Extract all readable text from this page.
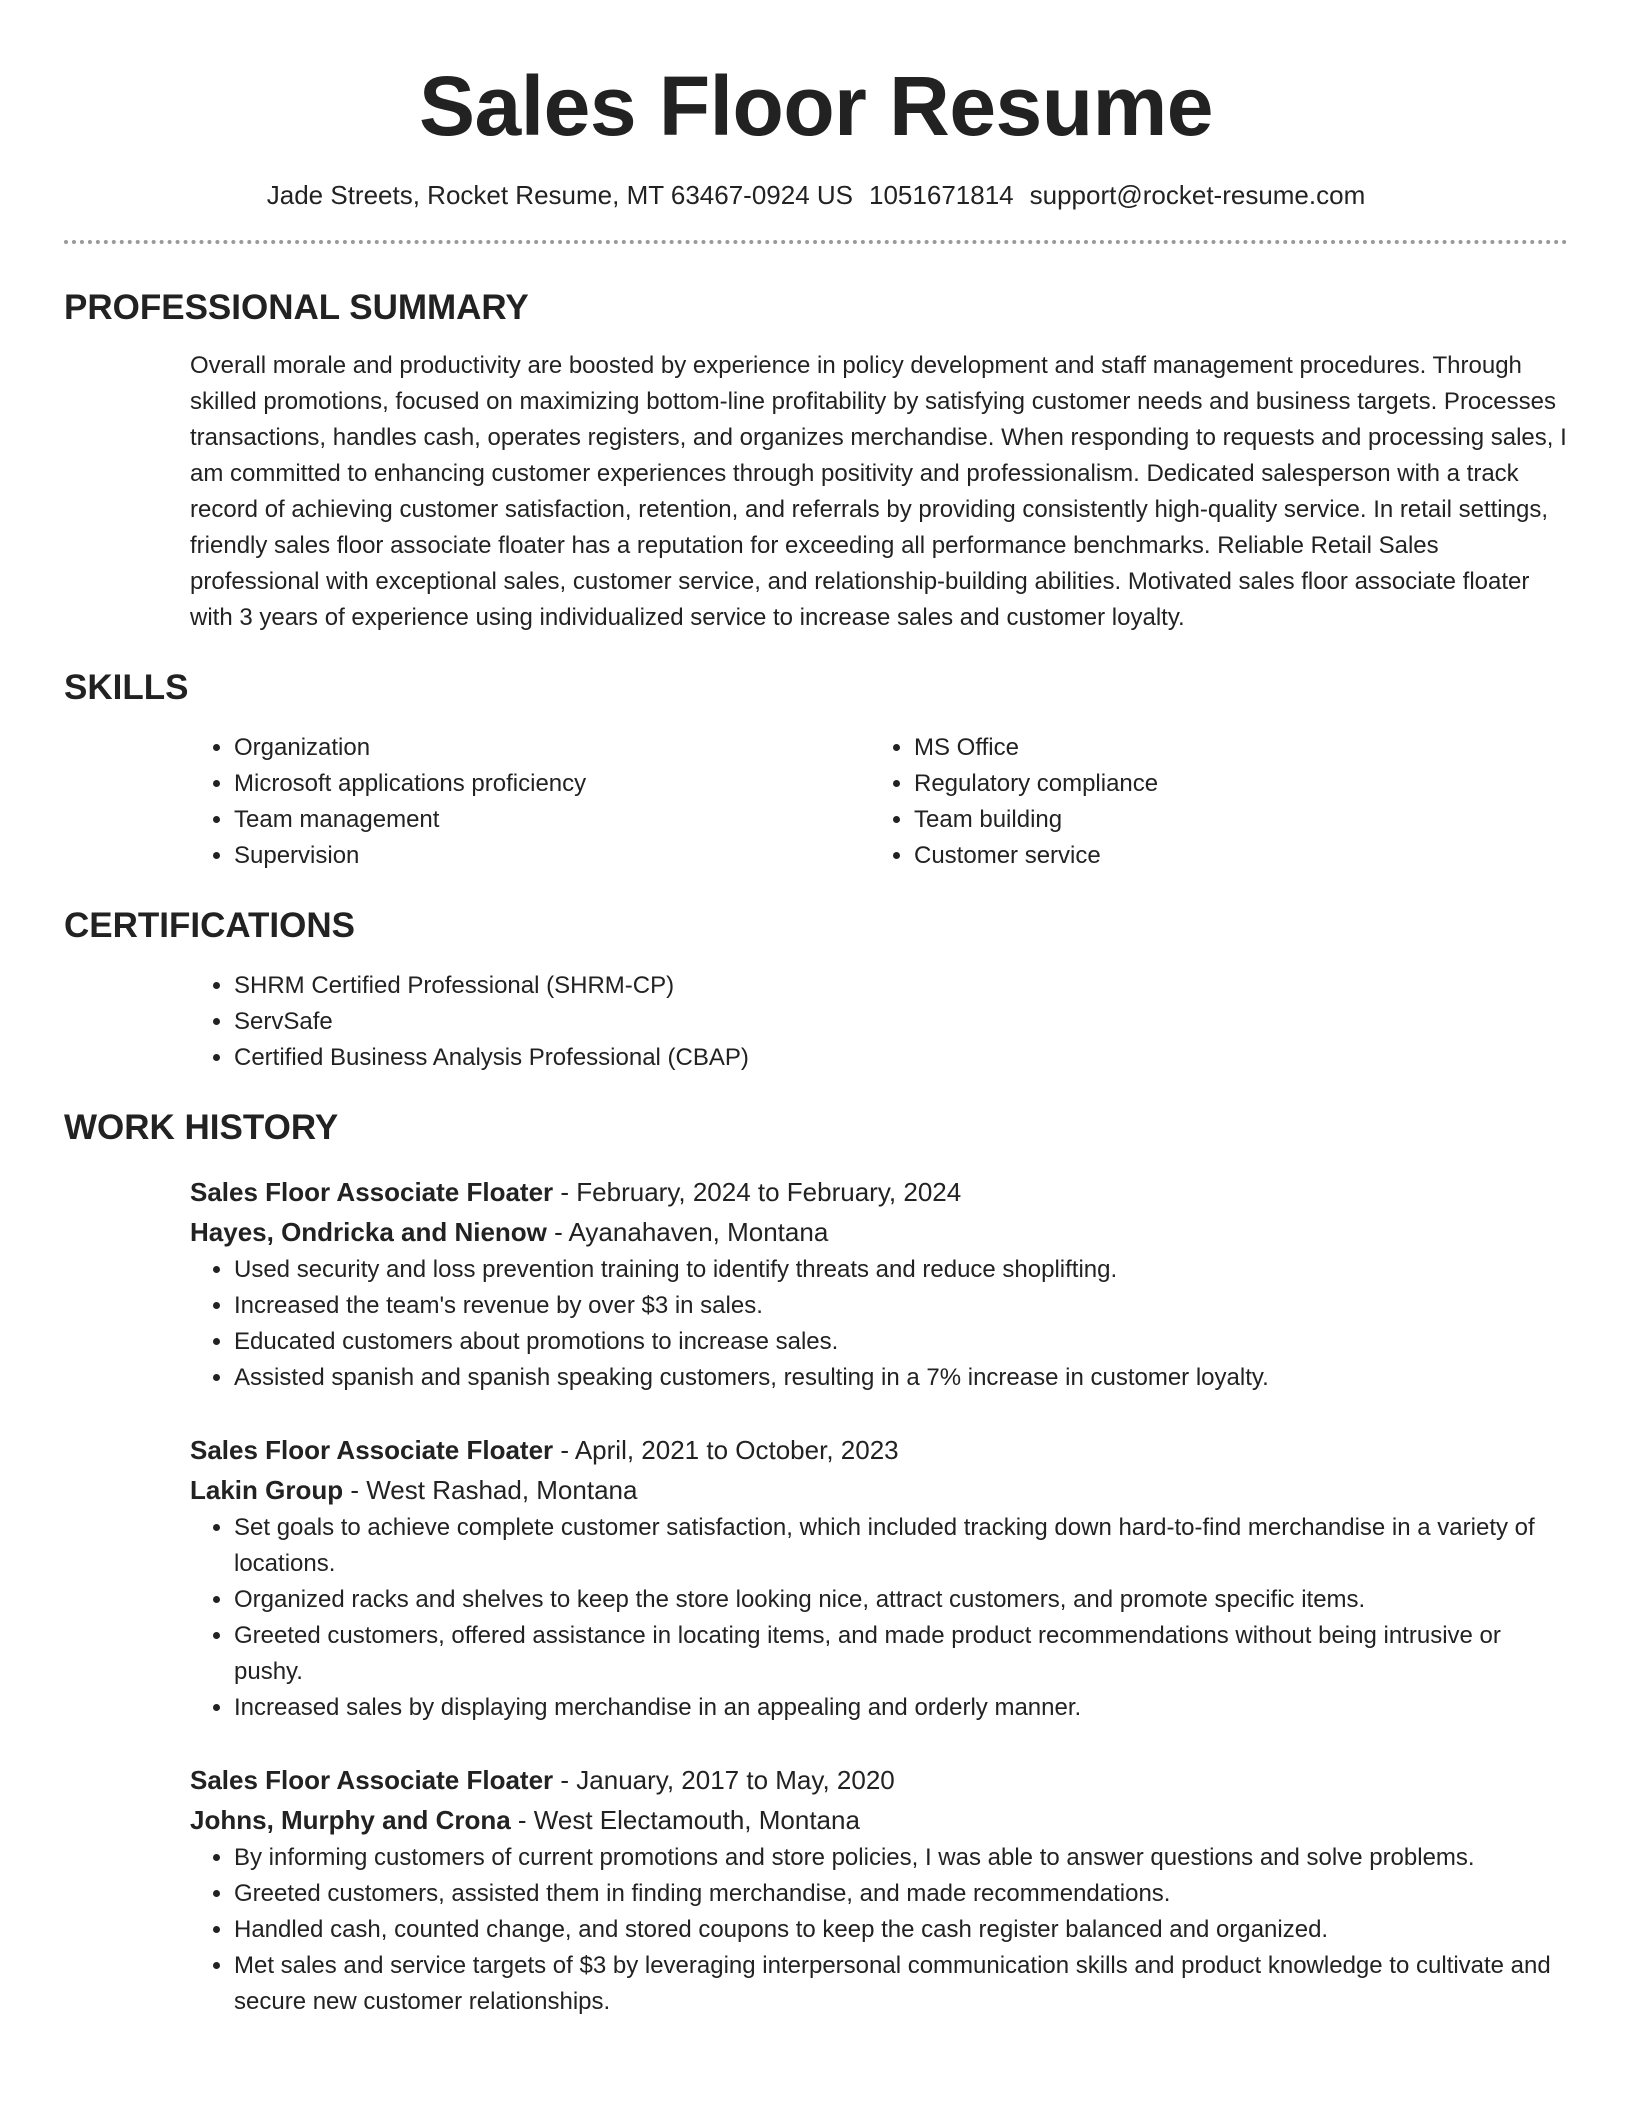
Sales Floor Resume
Jade Streets, Rocket Resume, MT 63467-0924 US 1051671814 support@rocket-resume.com
PROFESSIONAL SUMMARY

Overall morale and productivity are boosted by experience in policy development and staff management procedures. Through skilled promotions, focused on maximizing bottom-line profitability by satisfying customer needs and business targets. Processes transactions, handles cash, operates registers, and organizes merchandise. When responding to requests and processing sales, I am committed to enhancing customer experiences through positivity and professionalism. Dedicated salesperson with a track record of achieving customer satisfaction, retention, and referrals by providing consistently high-quality service. In retail settings, friendly sales floor associate floater has a reputation for exceeding all performance benchmarks. Reliable Retail Sales professional with exceptional sales, customer service, and relationship-building abilities. Motivated sales floor associate floater with 3 years of experience using individualized service to increase sales and customer loyalty.

SKILLS
• Organization
• Microsoft applications proficiency
• Team management
• Supervision
• MS Office
• Regulatory compliance
• Team building
• Customer service
CERTIFICATIONS
• SHRM Certified Professional (SHRM-CP)
• ServSafe
• Certified Business Analysis Professional (CBAP)
WORK HISTORY
Sales Floor Associate Floater - February, 2024 to February, 2024
Hayes, Ondricka and Nienow - Ayanahaven, Montana
• Used security and loss prevention training to identify threats and reduce shoplifting.
• Increased the team's revenue by over $3 in sales.
• Educated customers about promotions to increase sales.
• Assisted spanish and spanish speaking customers, resulting in a 7% increase in customer loyalty.
Sales Floor Associate Floater - April, 2021 to October, 2023
Lakin Group - West Rashad, Montana
• Set goals to achieve complete customer satisfaction, which included tracking down hard-to-find merchandise in a variety of locations.
• Organized racks and shelves to keep the store looking nice, attract customers, and promote specific items.
• Greeted customers, offered assistance in locating items, and made product recommendations without being intrusive or pushy.
• Increased sales by displaying merchandise in an appealing and orderly manner.
Sales Floor Associate Floater - January, 2017 to May, 2020
Johns, Murphy and Crona - West Electamouth, Montana
• By informing customers of current promotions and store policies, I was able to answer questions and solve problems.
• Greeted customers, assisted them in finding merchandise, and made recommendations.
• Handled cash, counted change, and stored coupons to keep the cash register balanced and organized.
• Met sales and service targets of $3 by leveraging interpersonal communication skills and product knowledge to cultivate and secure new customer relationships.
